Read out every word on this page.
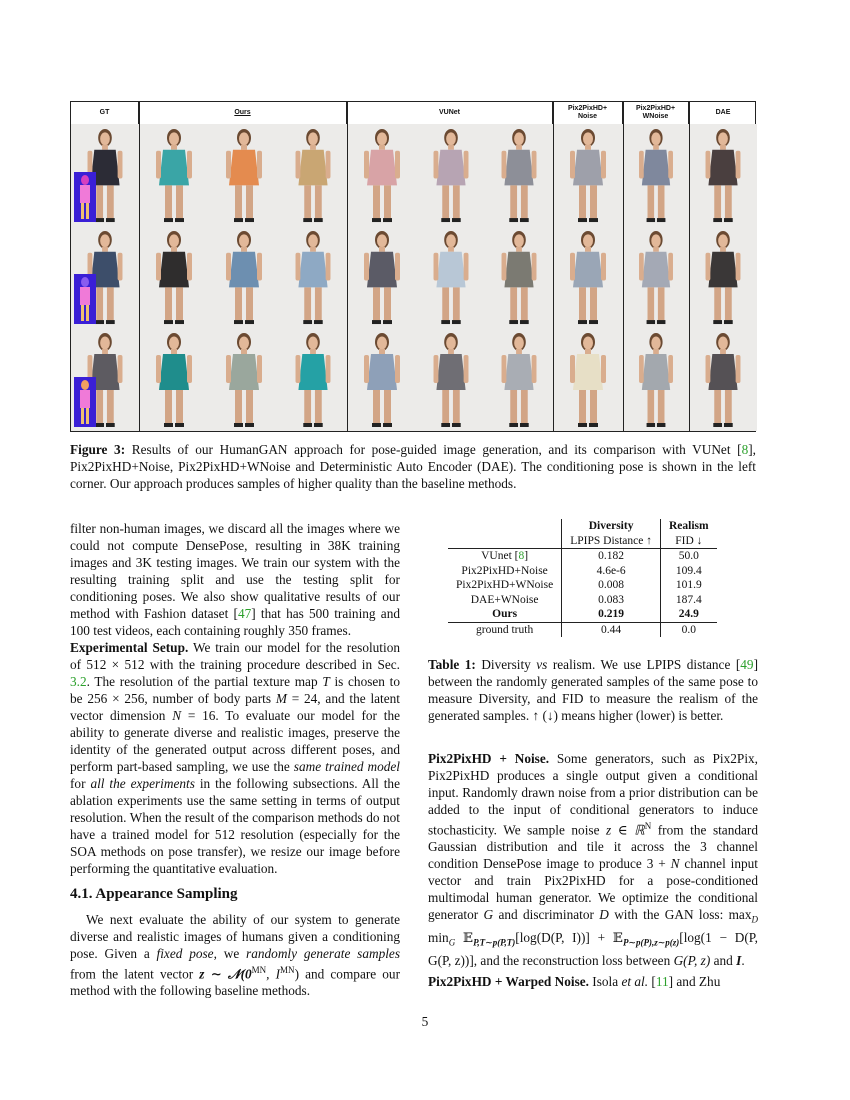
GT	Ours	VUNet
Pix2PixHD+ Noise
Pix2PixHD+ WNoise
DAE
Figure 3: Results of our HumanGAN approach for pose-guided image generation, and its comparison with VUNet [8], Pix2PixHD+Noise, Pix2PixHD+WNoise and Deterministic Auto Encoder (DAE). The conditioning pose is shown in the left corner. Our approach produces samples of higher quality than the baseline methods.

filter non-human images, we discard all the images where we could not compute DensePose, resulting in 38K training images and 3K testing images. We train our system with the resulting training split and use the testing split for conditioning poses. We also show qualitative results of our method with Fashion dataset [47] that has 500 training and 100 test videos, each containing roughly 350 frames.

Experimental Setup. We train our model for the resolution of 512 × 512 with the training procedure described in Sec. 3.2. The resolution of the partial texture map T is chosen to be 256 × 256, number of body parts M = 24, and the latent vector dimension N = 16. To evaluate our model for the ability to generate diverse and realistic images, preserve the identity of the generated output across different poses, and perform part-based sampling, we use the same trained model for all the experiments in the following subsections. All the ablation experiments use the same setting in terms of output resolution. When the result of the comparison methods do not have a trained model for 512 resolution (especially for the SOA methods on pose transfer), we resize our image before performing the quantitative evaluation.

4.1. Appearance Sampling

We next evaluate the ability of our system to generate diverse and realistic images of humans given a conditioning pose. Given a fixed pose, we randomly generate samples from the latent vector z ∼ $𝒩(0^{MN}$, $I^{MN}$) and compare our method with the following baseline methods.

	Diversity	Realism
	LPIPS Distance ↑	FID ↓
VUnet [8]	0.182	50.0
Pix2PixHD+Noise	4.6e-6	109.4
Pix2PixHD+WNoise	0.008	101.9
DAE+WNoise	0.083	187.4
Ours	0.219	24.9
ground truth	0.44	0.0

Table 1: Diversity vs realism. We use LPIPS distance [49] between the randomly generated samples of the same pose to measure Diversity, and FID to measure the realism of the generated samples. ↑ (↓) means higher (lower) is better.

Pix2PixHD + Noise. Some generators, such as Pix2Pix, Pix2PixHD produces a single output given a conditional input. Randomly drawn noise from a prior distribution can be added to the input of conditional generators to induce stochasticity. We sample noise z ∈ ℝ$^N$ from the standard Gaussian distribution and tile it across the 3 channel condition DensePose image to produce 3 + N channel input vector and train Pix2PixHD for a pose-conditioned multimodal human generator. We optimize the conditional generator G and discriminator D with the GAN loss: $\max_D \min_G$ 𝔼$_{P,T\sim p(P,T)}$[log(D(P, I))] + 𝔼$_{P\sim p(P),z\sim p(z)}$[log(1 − D(P, G(P, z))], and the reconstruction loss between G(P, z) and I.

Pix2PixHD + Warped Noise. Isola et al. [11] and Zhu

5
